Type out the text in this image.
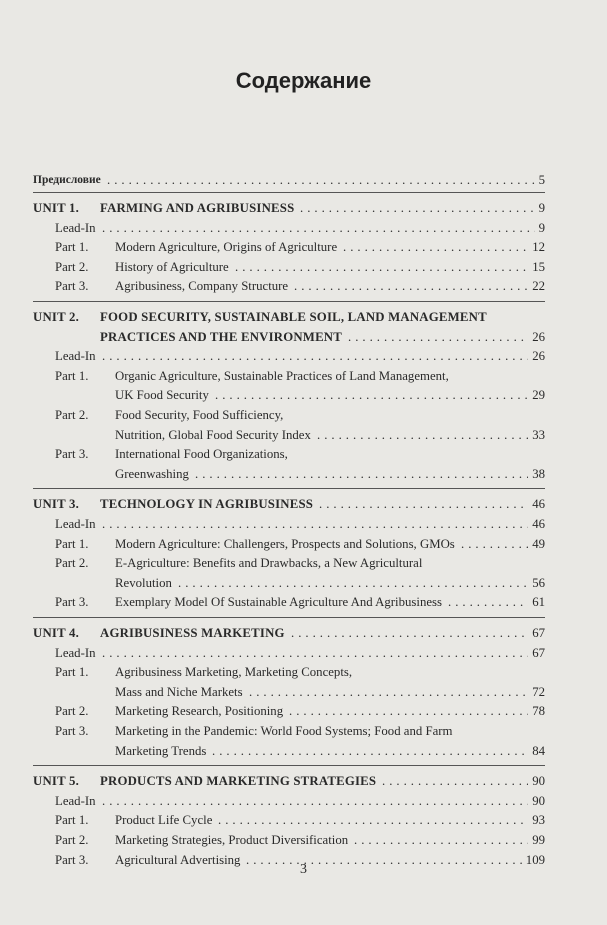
Содержание
Предисловие . . .	5
UNIT 1. FARMING AND AGRIBUSINESS . . .	9
Lead-In . . .	9
Part 1. Modern Agriculture, Origins of Agriculture . . .	12
Part 2. History of Agriculture . . .	15
Part 3. Agribusiness, Company Structure . . .	22
UNIT 2. FOOD SECURITY, SUSTAINABLE SOIL, LAND MANAGEMENT
PRACTICES AND THE ENVIRONMENT . . .	26
Lead-In . . .	26
Part 1. Organic Agriculture, Sustainable Practices of Land Management,
UK Food Security . . .	29
Part 2. Food Security, Food Sufficiency,
Nutrition, Global Food Security Index . . .	33
Part 3. International Food Organizations,
Greenwashing . . .	38
UNIT 3. TECHNOLOGY IN AGRIBUSINESS . . .	46
Lead-In . . .	46
Part 1. Modern Agriculture: Challengers, Prospects and Solutions, GMOs . . .	49
Part 2. E-Agriculture: Benefits and Drawbacks, a New Agricultural
Revolution . . .	56
Part 3. Exemplary Model Of Sustainable Agriculture And Agribusiness . . .	61
UNIT 4. AGRIBUSINESS MARKETING . . .	67
Lead-In . . .	67
Part 1. Agribusiness Marketing, Marketing Concepts,
Mass and Niche Markets . . .	72
Part 2. Marketing Research, Positioning . . .	78
Part 3. Marketing in the Pandemic: World Food Systems; Food and Farm
Marketing Trends . . .	84
UNIT 5. PRODUCTS AND MARKETING STRATEGIES . . .	90
Lead-In . . .	90
Part 1. Product Life Cycle . . .	93
Part 2. Marketing Strategies, Product Diversification . . .	99
Part 3. Agricultural Advertising . . .	109
3
